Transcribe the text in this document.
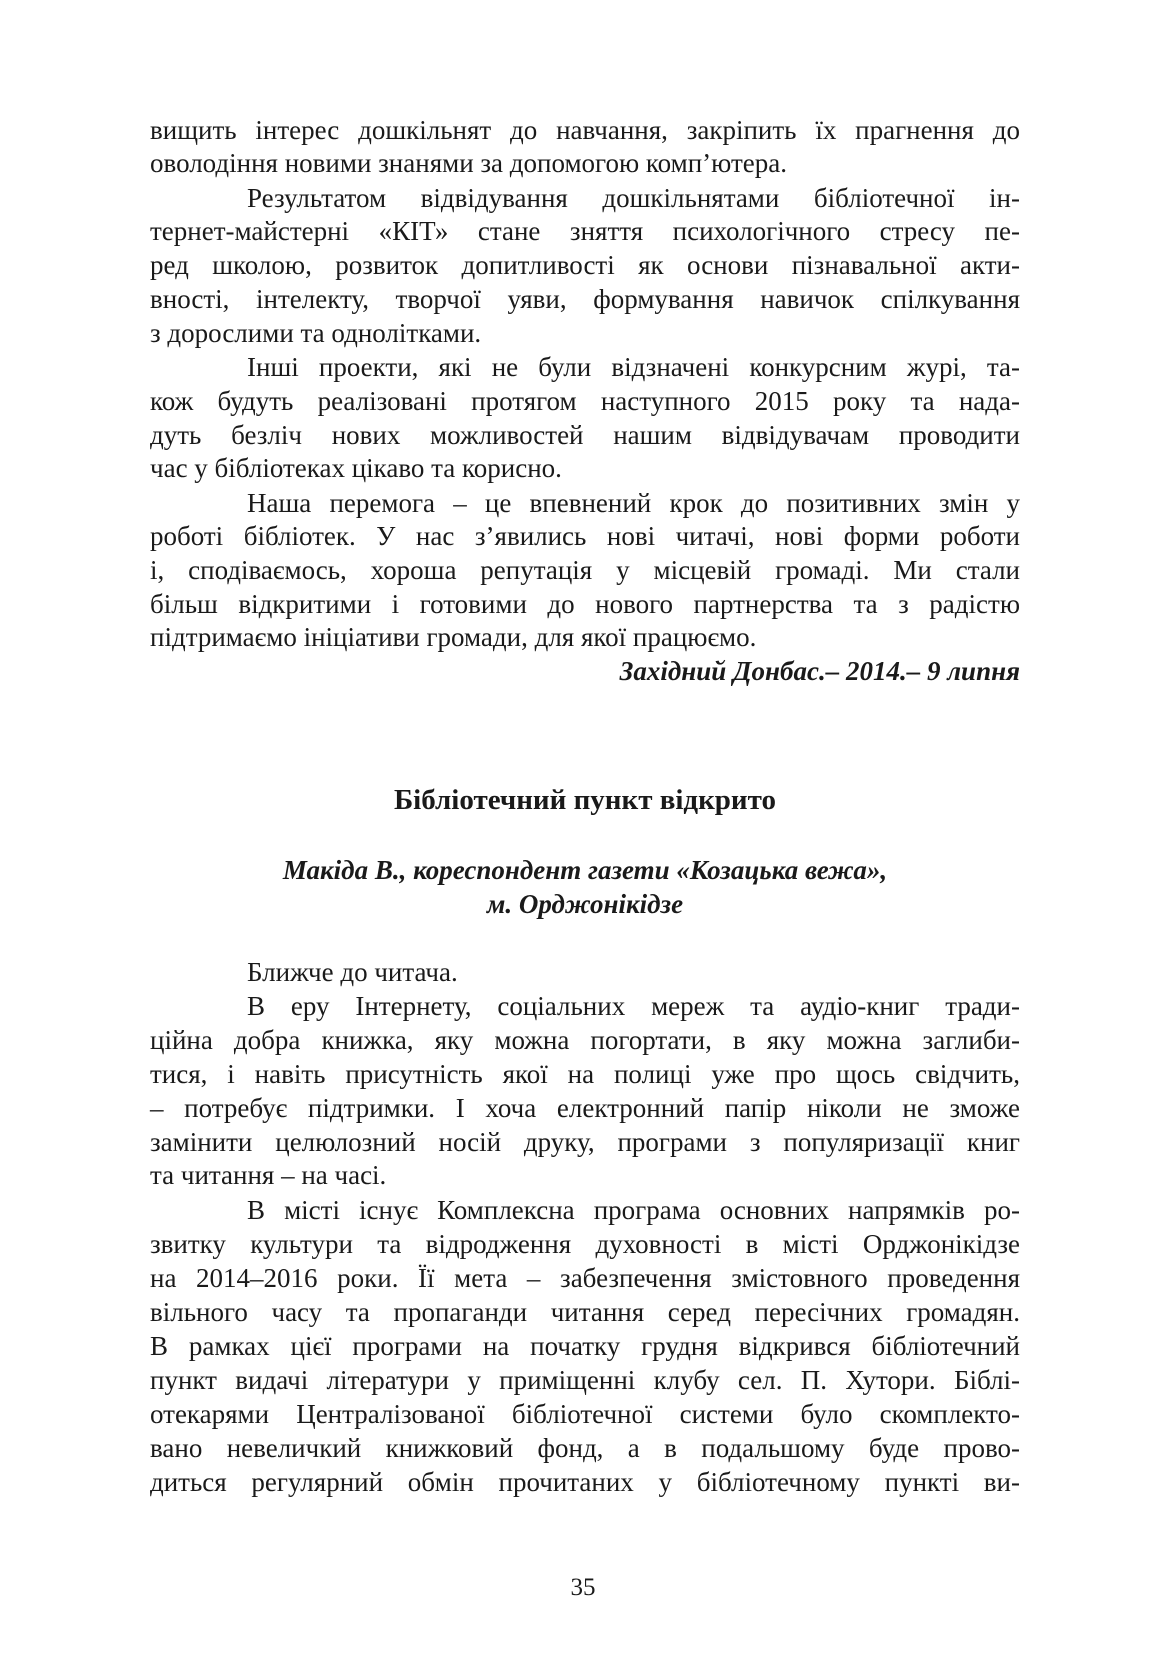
вищить інтерес дошкільнят до навчання, закріпить їх прагнення до
оволодіння новими знанями за допомогою комп’ютера.
Результатом відвідування дошкільнятами бібліотечної ін-
тернет-майстерні «КІТ» стане зняття психологічного стресу пе-
ред школою, розвиток допитливості як основи пізнавальної акти-
вності, інтелекту, творчої уяви, формування навичок спілкування
з дорослими та однолітками.
Інші проекти, які не були відзначені конкурсним журі, та-
кож будуть реалізовані протягом наступного 2015 року та нада-
дуть безліч нових можливостей нашим відвідувачам проводити
час у бібліотеках цікаво та корисно.
Наша перемога – це впевнений крок до позитивних змін у
роботі бібліотек. У нас з’явились нові читачі, нові форми роботи
і, сподіваємось, хороша репутація у місцевій громаді. Ми стали
більш відкритими і готовими до нового партнерства та з радістю
підтримаємо ініціативи громади, для якої працюємо.
Західний Донбас.– 2014.– 9 липня
Бібліотечний пункт відкрито
Макіда В., кореспондент газети «Козацька вежа»,
м. Орджонікідзе
Ближче до читача.
В еру Інтернету, соціальних мереж та аудіо-книг тради-
ційна добра книжка, яку можна погортати, в яку можна заглиби-
тися, і навіть присутність якої на полиці уже про щось свідчить,
– потребує підтримки. І хоча електронний папір ніколи не зможе
замінити целюлозний носій друку, програми з популяризації книг
та читання – на часі.
В місті існує Комплексна програма основних напрямків ро-
звитку культури та відродження духовності в місті Орджонікідзе
на 2014–2016 роки. Її мета – забезпечення змістовного проведення
вільного часу та пропаганди читання серед пересічних громадян.
В рамках цієї програми на початку грудня відкрився бібліотечний
пункт видачі літератури у приміщенні клубу сел. П. Хутори. Біблі-
отекарями Централізованої бібліотечної системи було скомплекто-
вано невеличкий книжковий фонд, а в подальшому буде прово-
диться регулярний обмін прочитаних у бібліотечному пункті ви-
35
